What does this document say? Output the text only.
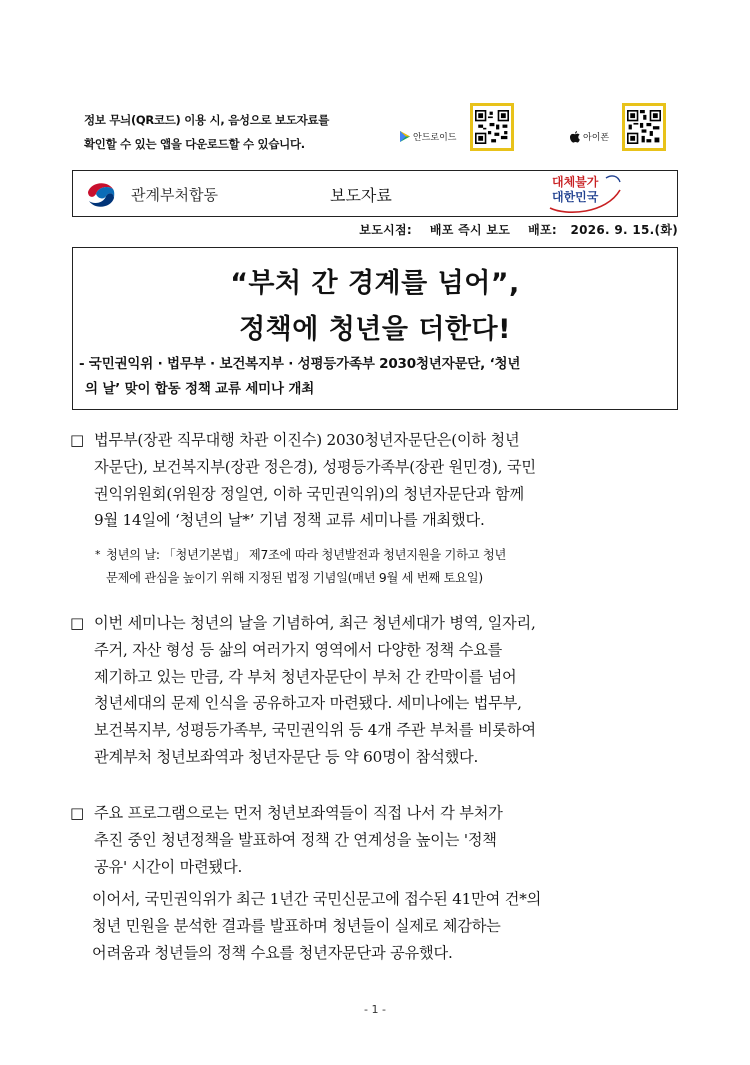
정보 무늬(QR코드) 이용 시, 음성으로 보도자료를
확인할 수 있는 앱을 다운로드할 수 있습니다.	안드로이드	아이폰
관계부처합동	보도자료
대체불가
대한민국
보도시점: 배포 즉시 보도 배포: 2026. 9. 15.(화)
“부처 간 경계를 넘어”,
정책에 청년을 더한다!
- 국민권익위 · 법무부 · 보건복지부 · 성평등가족부 2030청년자문단, ‘청년
의 날’ 맞이 합동 정책 교류 세미나 개최
□ 법무부(장관 직무대행 차관 이진수) 2030청년자문단은(이하 청년
자문단), 보건복지부(장관 정은경), 성평등가족부(장관 원민경), 국민
권익위원회(위원장 정일연, 이하 국민권익위)의 청년자문단과 함께
9월 14일에 ‘청년의 날*’ 기념 정책 교류 세미나를 개최했다.
* 청년의 날: 「청년기본법」 제7조에 따라 청년발전과 청년지원을 기하고 청년
문제에 관심을 높이기 위해 지정된 법정 기념일(매년 9월 세 번째 토요일)
□ 이번 세미나는 청년의 날을 기념하여, 최근 청년세대가 병역, 일자리,
주거, 자산 형성 등 삶의 여러가지 영역에서 다양한 정책 수요를
제기하고 있는 만큼, 각 부처 청년자문단이 부처 간 칸막이를 넘어
청년세대의 문제 인식을 공유하고자 마련됐다. 세미나에는 법무부,
보건복지부, 성평등가족부, 국민권익위 등 4개 주관 부처를 비롯하여
관계부처 청년보좌역과 청년자문단 등 약 60명이 참석했다.
□ 주요 프로그램으로는 먼저 청년보좌역들이 직접 나서 각 부처가
추진 중인 청년정책을 발표하여 정책 간 연계성을 높이는 '정책
공유' 시간이 마련됐다.
이어서, 국민권익위가 최근 1년간 국민신문고에 접수된 41만여 건*의
청년 민원을 분석한 결과를 발표하며 청년들이 실제로 체감하는
어려움과 청년들의 정책 수요를 청년자문단과 공유했다.
- 1 -
